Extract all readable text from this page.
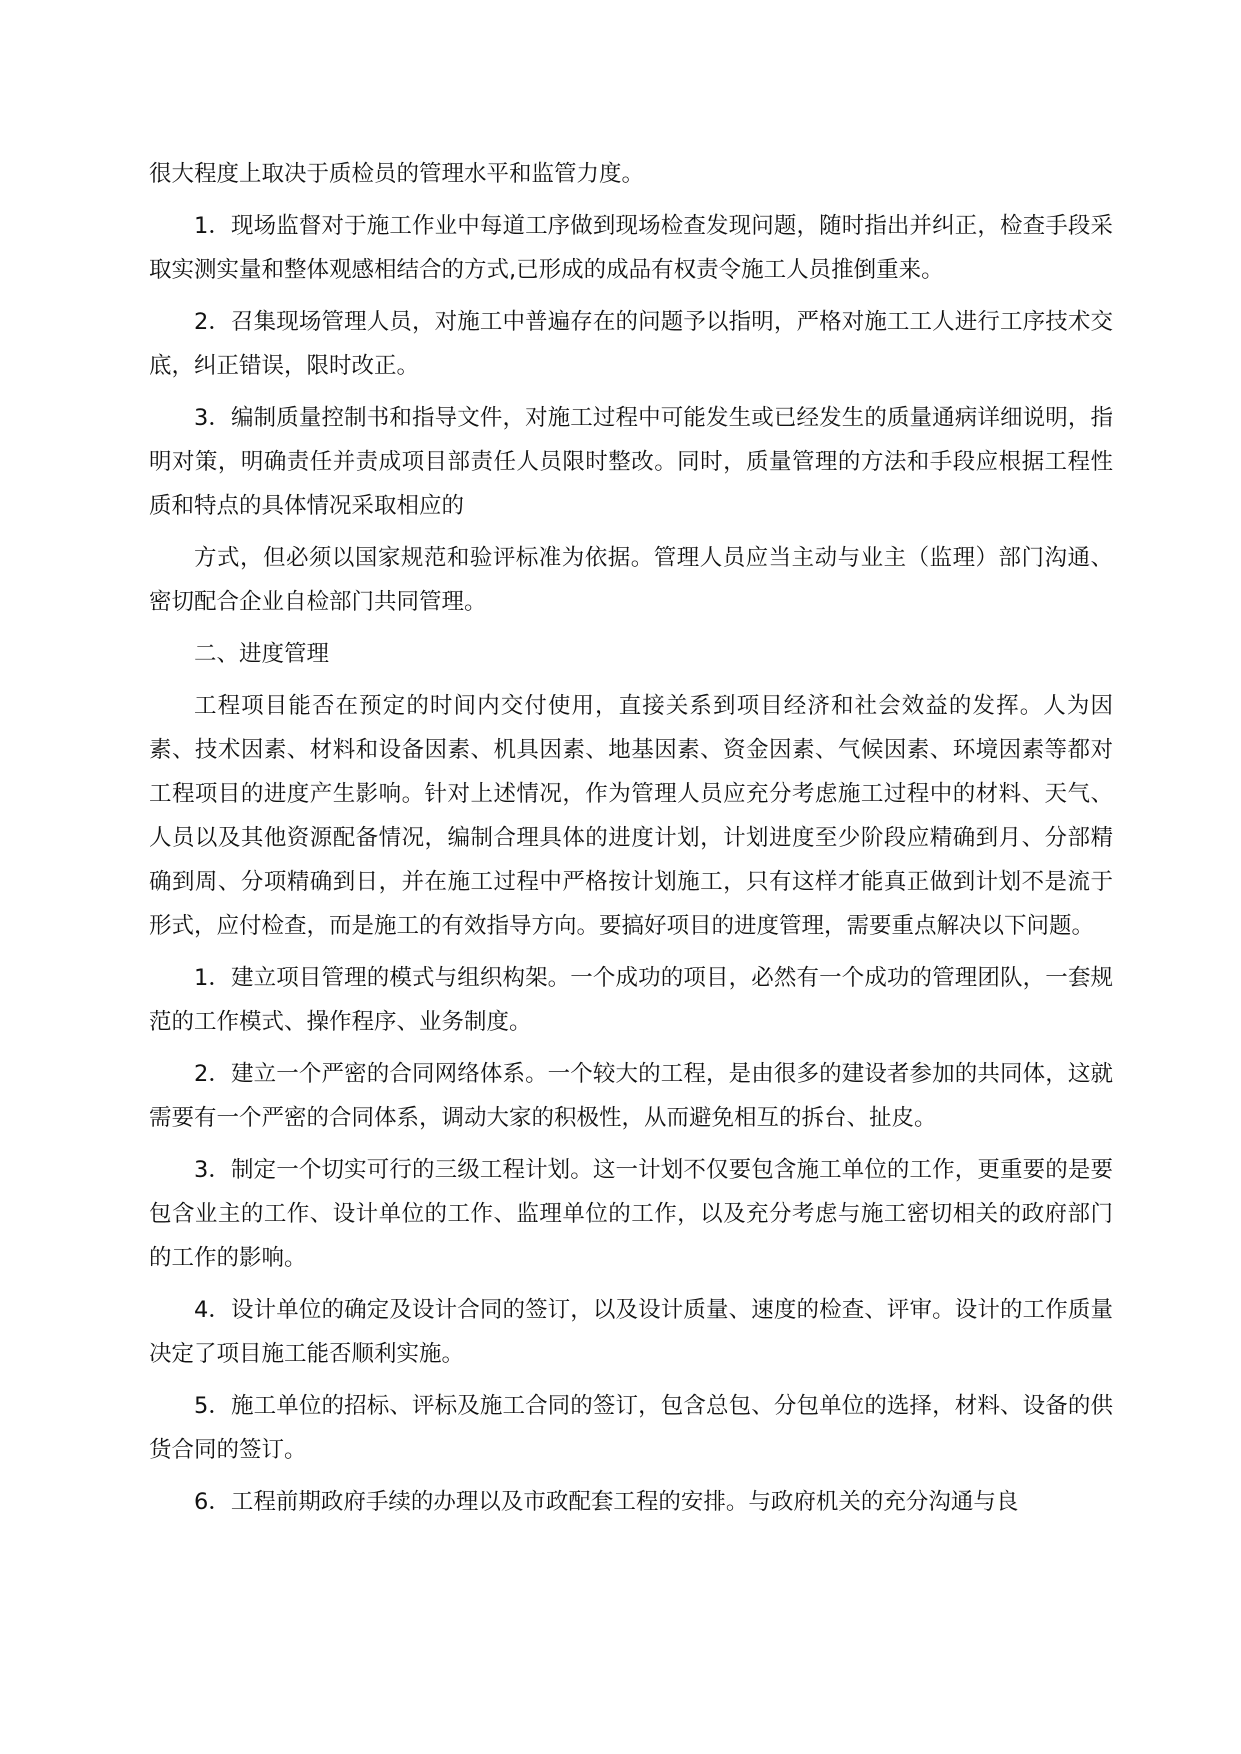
很大程度上取决于质检员的管理水平和监管力度。

1．现场监督对于施工作业中每道工序做到现场检查发现问题，随时指出并纠正，检查手段采取实测实量和整体观感相结合的方式,已形成的成品有权责令施工人员推倒重来。

2．召集现场管理人员，对施工中普遍存在的问题予以指明，严格对施工工人进行工序技术交底，纠正错误，限时改正。

3．编制质量控制书和指导文件，对施工过程中可能发生或已经发生的质量通病详细说明，指明对策，明确责任并责成项目部责任人员限时整改。同时，质量管理的方法和手段应根据工程性质和特点的具体情况采取相应的

方式，但必须以国家规范和验评标准为依据。管理人员应当主动与业主（监理）部门沟通、密切配合企业自检部门共同管理。

二、进度管理

工程项目能否在预定的时间内交付使用，直接关系到项目经济和社会效益的发挥。人为因素、技术因素、材料和设备因素、机具因素、地基因素、资金因素、气候因素、环境因素等都对工程项目的进度产生影响。针对上述情况，作为管理人员应充分考虑施工过程中的材料、天气、人员以及其他资源配备情况，编制合理具体的进度计划，计划进度至少阶段应精确到月、分部精确到周、分项精确到日，并在施工过程中严格按计划施工，只有这样才能真正做到计划不是流于形式，应付检查，而是施工的有效指导方向。要搞好项目的进度管理，需要重点解决以下问题。

1．建立项目管理的模式与组织构架。一个成功的项目，必然有一个成功的管理团队，一套规范的工作模式、操作程序、业务制度。

2．建立一个严密的合同网络体系。一个较大的工程，是由很多的建设者参加的共同体，这就需要有一个严密的合同体系，调动大家的积极性，从而避免相互的拆台、扯皮。

3．制定一个切实可行的三级工程计划。这一计划不仅要包含施工单位的工作，更重要的是要包含业主的工作、设计单位的工作、监理单位的工作，以及充分考虑与施工密切相关的政府部门的工作的影响。

4．设计单位的确定及设计合同的签订，以及设计质量、速度的检查、评审。设计的工作质量决定了项目施工能否顺利实施。

5．施工单位的招标、评标及施工合同的签订，包含总包、分包单位的选择，材料、设备的供货合同的签订。

6．工程前期政府手续的办理以及市政配套工程的安排。与政府机关的充分沟通与良
